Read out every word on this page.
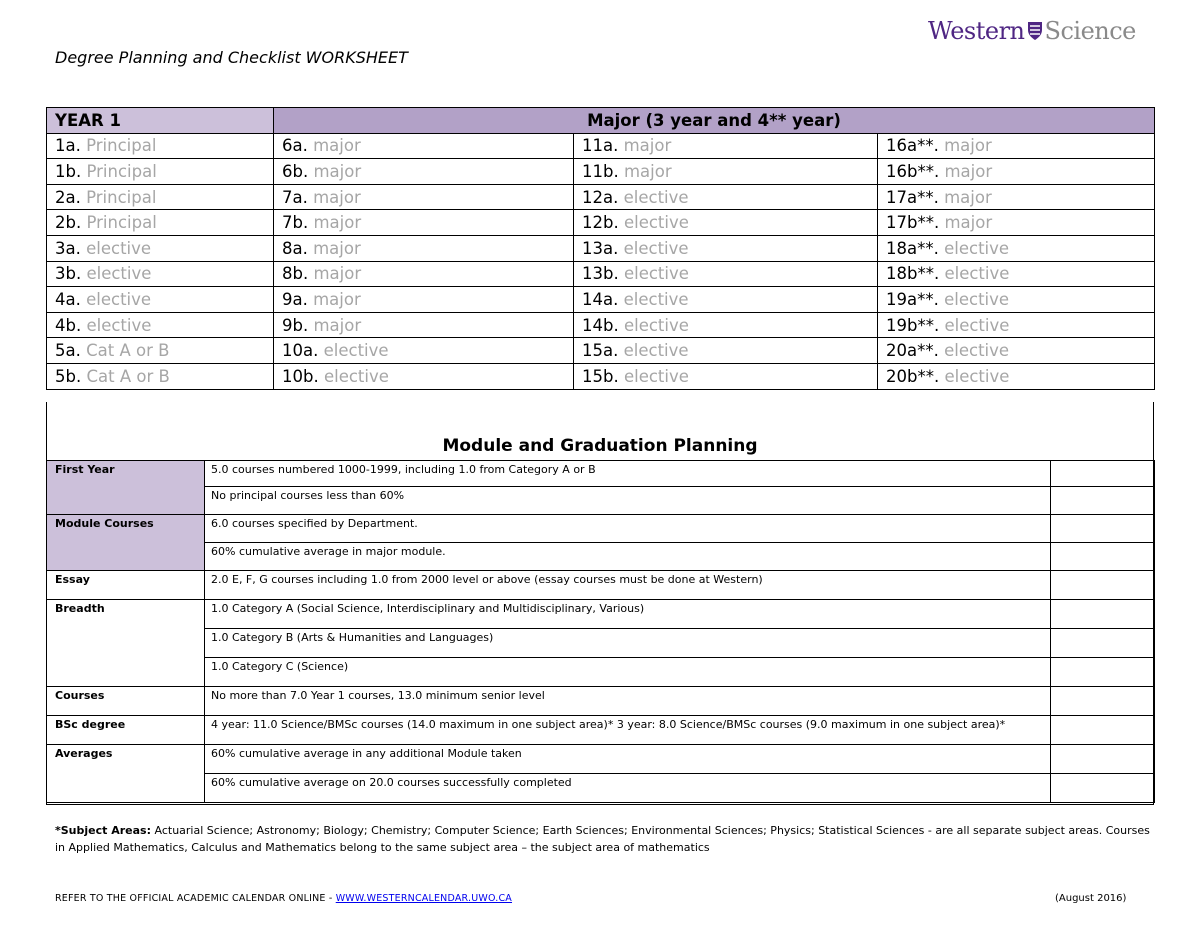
Western Science
Degree Planning and Checklist WORKSHEET
YEAR 1	Major (3 year and 4** year)		
1a. Principal	6a. major	11a. major	16a**. major
1b. Principal	6b. major	11b. major	16b**. major
2a. Principal	7a. major	12a. elective	17a**. major
2b. Principal	7b. major	12b. elective	17b**. major
3a. elective	8a. major	13a. elective	18a**. elective
3b. elective	8b. major	13b. elective	18b**. elective
4a. elective	9a. major	14a. elective	19a**. elective
4b. elective	9b. major	14b. elective	19b**. elective
5a. Cat A or B	10a. elective	15a. elective	20a**. elective
5b. Cat A or B	10b. elective	15b. elective	20b**. elective
Module and Graduation Planning
First Year	5.0 courses numbered 1000-1999, including 1.0 from Category A or B	
	No principal courses less than 60%	
Module Courses	6.0 courses specified by Department.	
	60% cumulative average in major module.	
Essay	2.0 E, F, G courses including 1.0 from 2000 level or above (essay courses must be done at Western)	
Breadth	1.0 Category A (Social Science, Interdisciplinary and Multidisciplinary, Various)	
	1.0 Category B (Arts & Humanities and Languages)	
	1.0 Category C (Science)	
Courses	No more than 7.0 Year 1 courses, 13.0 minimum senior level	
BSc degree	4 year: 11.0 Science/BMSc courses (14.0 maximum in one subject area)* 3 year: 8.0 Science/BMSc courses (9.0 maximum in one subject area)*	
Averages	60% cumulative average in any additional Module taken	
	60% cumulative average on 20.0 courses successfully completed	
*Subject Areas: Actuarial Science; Astronomy; Biology; Chemistry; Computer Science; Earth Sciences; Environmental Sciences; Physics; Statistical Sciences - are all separate subject areas. Courses in Applied Mathematics, Calculus and Mathematics belong to the same subject area – the subject area of mathematics
REFER TO THE OFFICIAL ACADEMIC CALENDAR ONLINE - WWW.WESTERNCALENDAR.UWO.CA	(August 2016)
